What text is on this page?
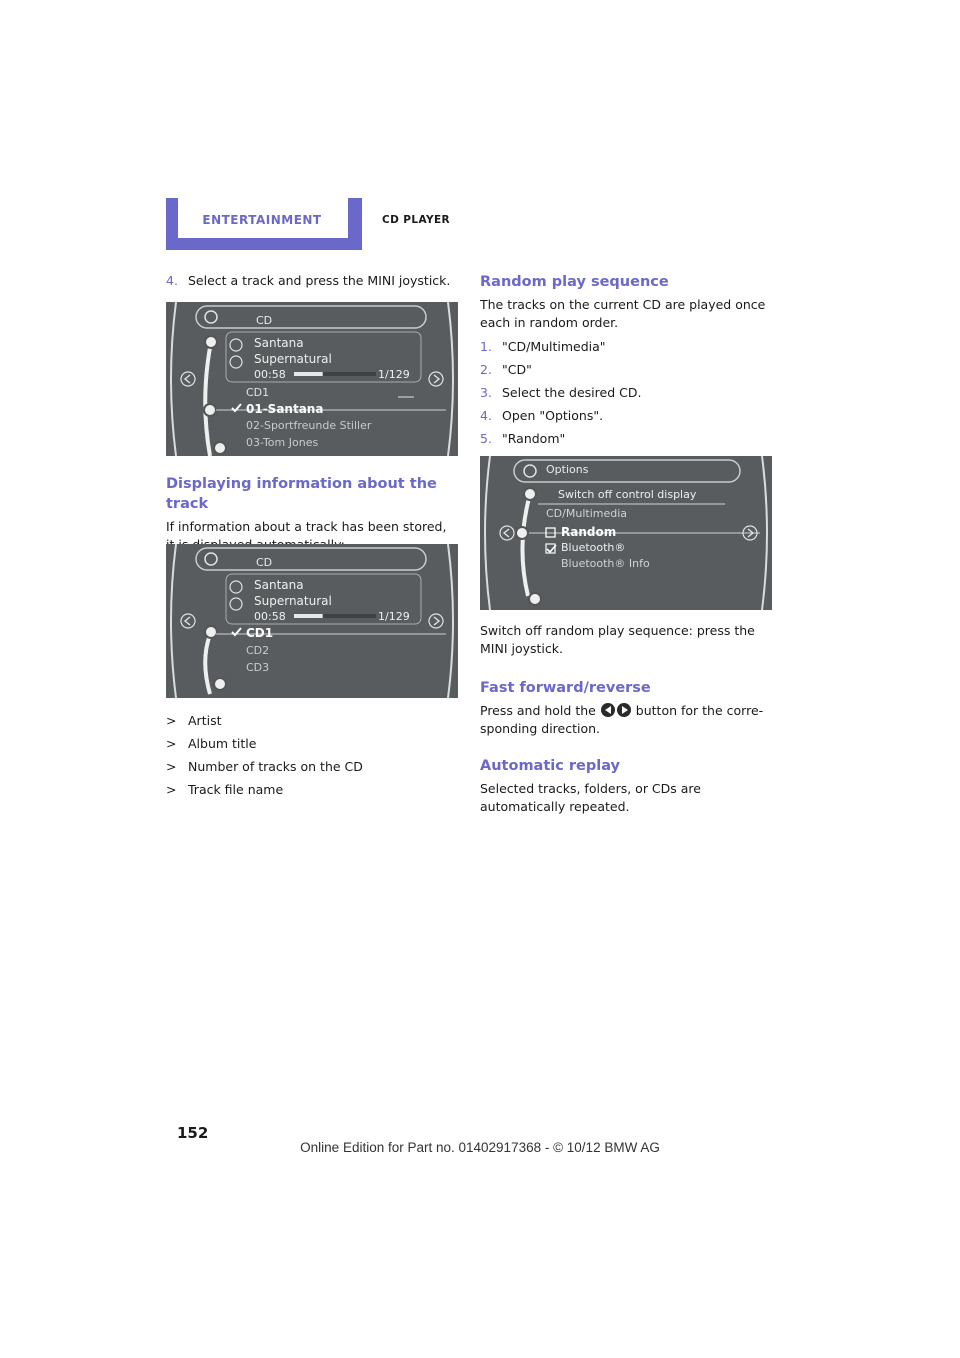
ENTERTAINMENT	CD PLAYER
4. Select a track and press the MINI joystick.
CD
Santana
Supernatural
00:58	1/129
CD1
01-Santana
02-Sportfreunde Stiller
03-Tom Jones
Displaying information about the track

If information about a track has been stored,

CD
Santana
Supernatural
00:58	1/129
CD1
CD2
CD3
> Artist
> Album title
> Number of tracks on the CD
> Track file name
Random play sequence

The tracks on the current CD are played once each in random order.

1. "CD/Multimedia"
2. "CD"
3. Select the desired CD.
4. Open "Options".
5. "Random"
Options
Switch off control display
CD/Multimedia
Random
Bluetooth®
Bluetooth® Info

Switch off random play sequence: press the MINI joystick.

Fast forward/reverse

Press and hold the	button for the corre-sponding direction.

Automatic replay

Selected tracks, folders, or CDs are automatically repeated.

152
Online Edition for Part no. 01402917368 - © 10/12 BMW AG
